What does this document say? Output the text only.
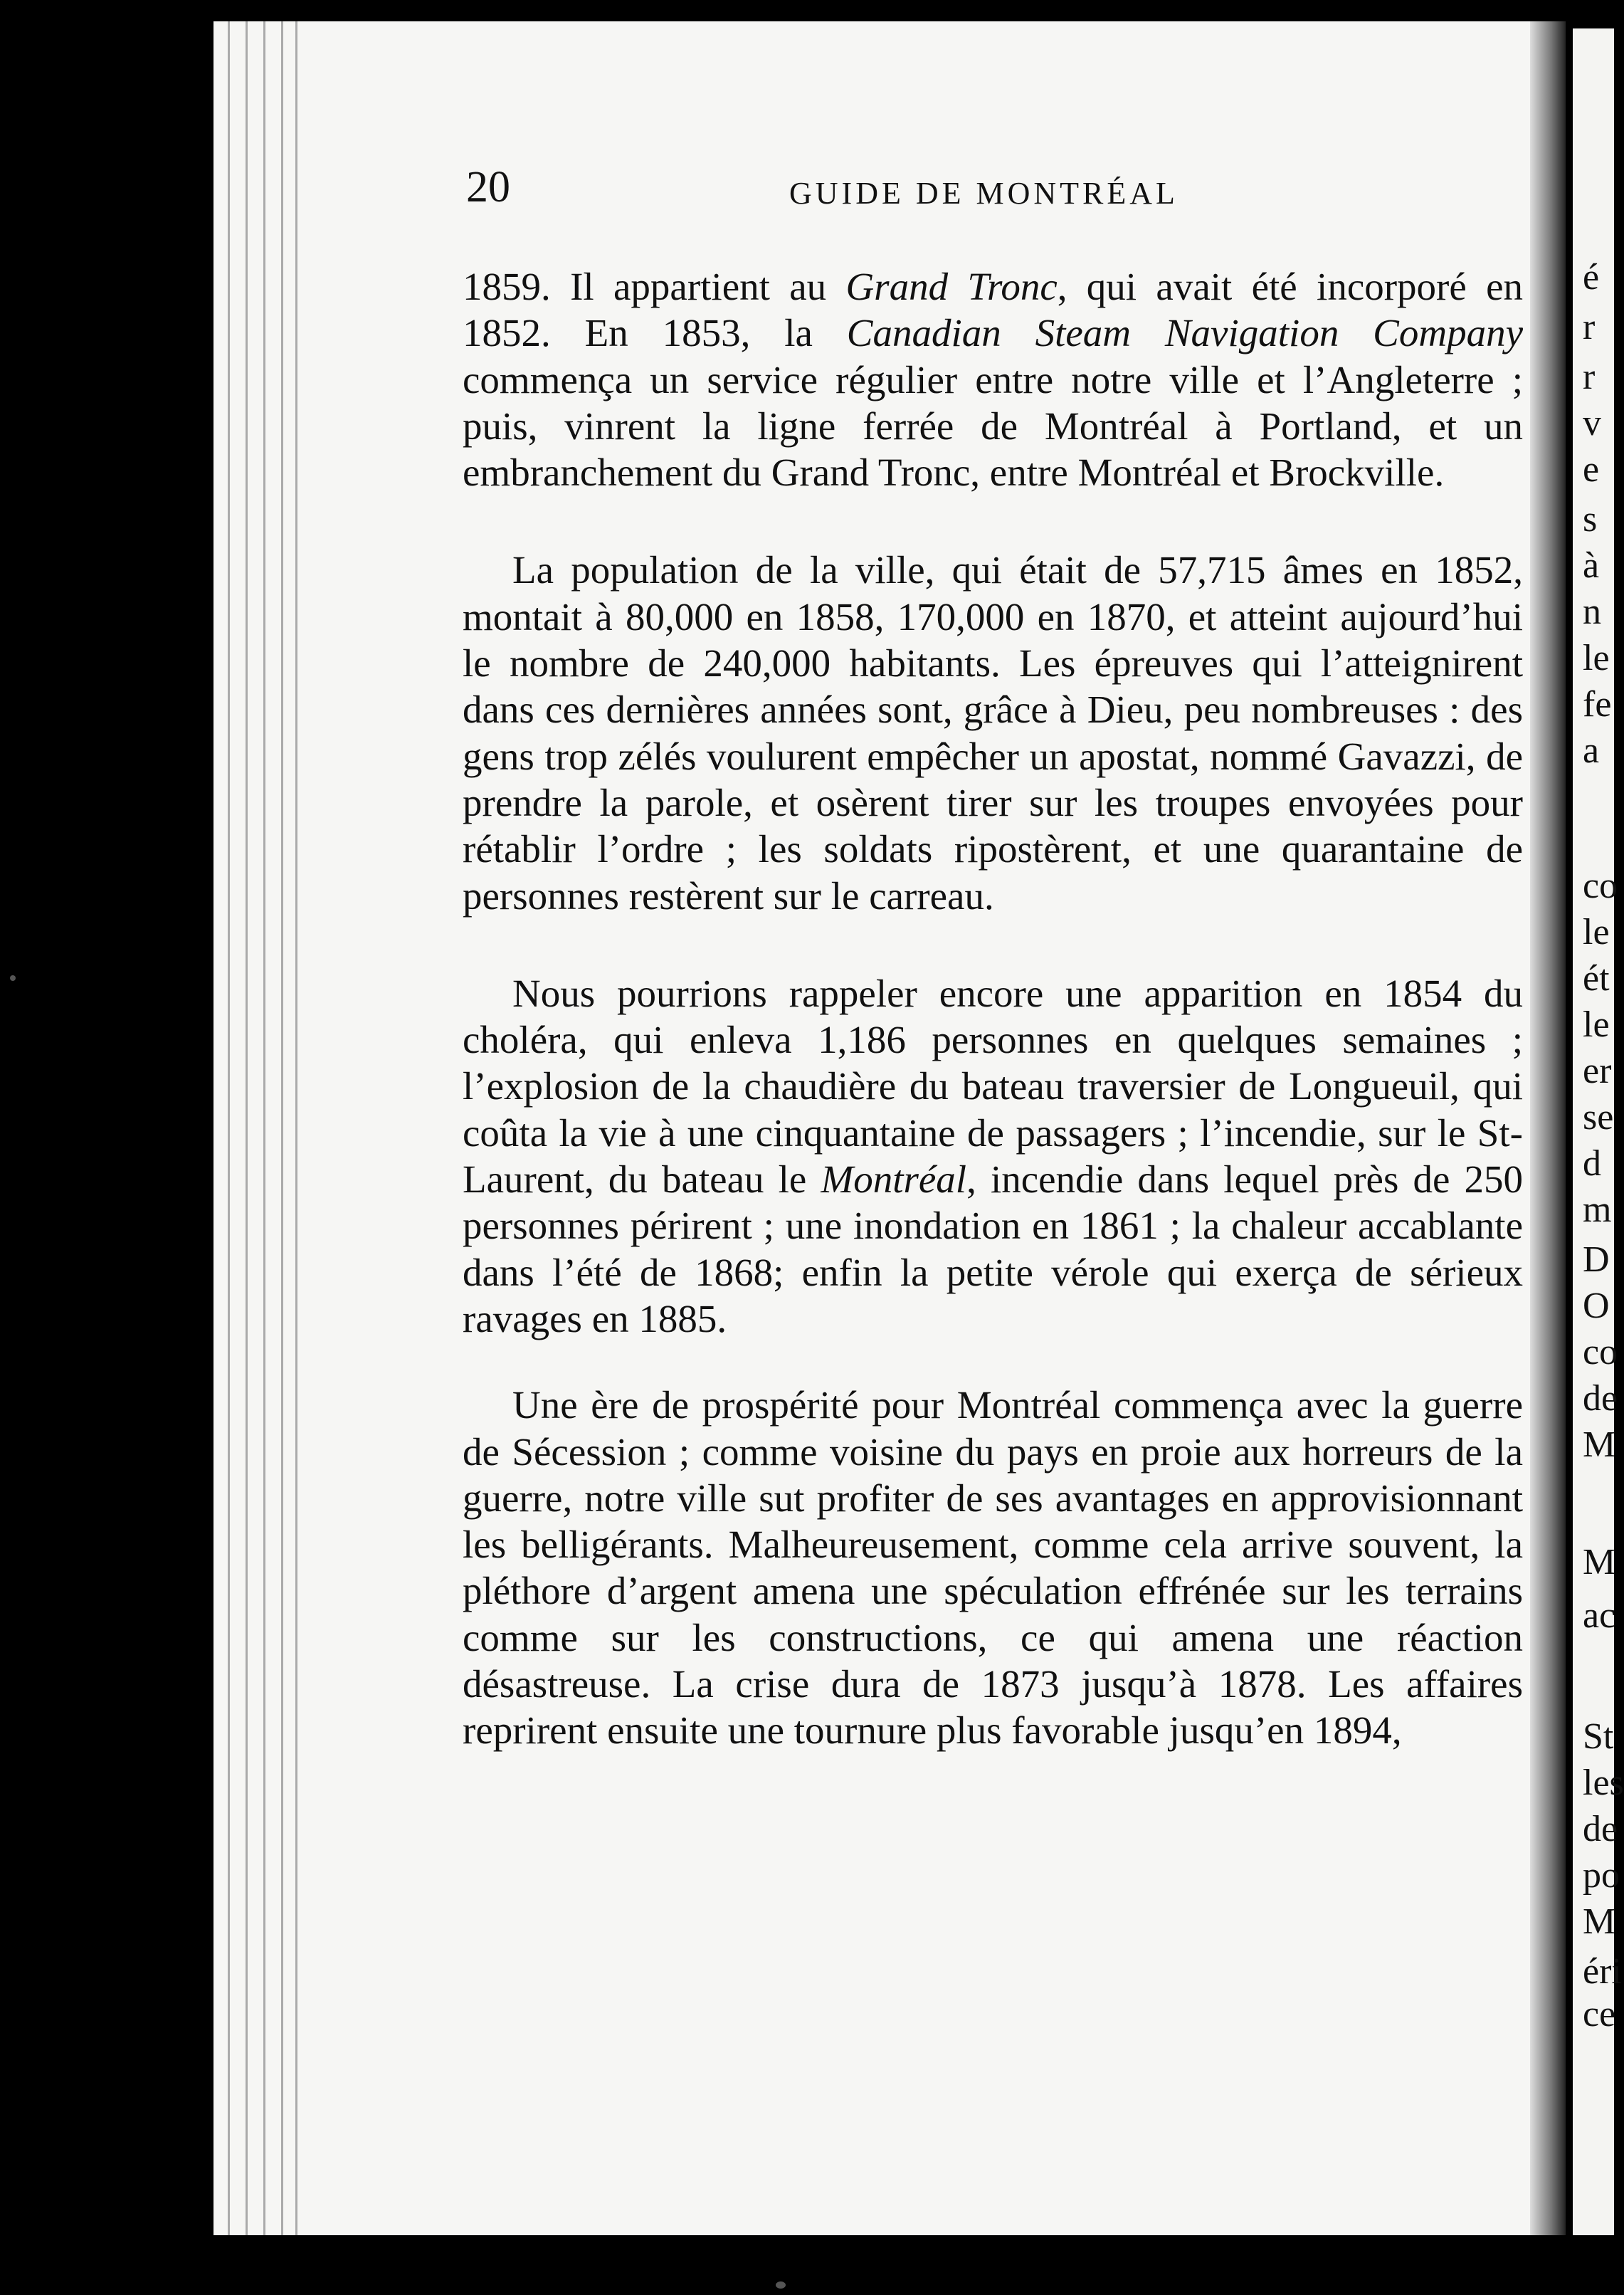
é
r
r
v
e
s
à
n
le
fe
a
co
le
ét
le
er
se
d
m
D
O
co
de
M
M
ac
St
les
de
po
M
éri
ce
20	GUIDE DE MONTRÉAL

1859. Il appartient au Grand Tronc, qui avait été incorporé en 1852. En 1853, la Canadian Steam Navigation Company commença un service régulier entre notre ville et l’Angleterre ; puis, vinrent la ligne ferrée de Montréal à Portland, et un embranchement du Grand Tronc, entre Montréal et Brockville.

La population de la ville, qui était de 57,715 âmes en 1852, montait à 80,000 en 1858, 170,000 en 1870, et atteint aujourd’hui le nombre de 240,000 habitants. Les épreuves qui l’atteignirent dans ces dernières années sont, grâce à Dieu, peu nombreuses : des gens trop zélés voulurent empêcher un apostat, nommé Gavazzi, de prendre la parole, et osèrent tirer sur les troupes envoyées pour rétablir l’ordre ; les soldats ripostèrent, et une quarantaine de personnes restèrent sur le carreau.

Nous pourrions rappeler encore une apparition en 1854 du choléra, qui enleva 1,186 personnes en quelques semaines ; l’explosion de la chaudière du bateau traversier de Longueuil, qui coûta la vie à une cinquantaine de passagers ; l’incendie, sur le St-Laurent, du bateau le Montréal, incendie dans lequel près de 250 personnes périrent ; une inondation en 1861 ; la chaleur accablante dans l’été de 1868; enfin la petite vérole qui exerça de sérieux ravages en 1885.

Une ère de prospérité pour Montréal commença avec la guerre de Sécession ; comme voisine du pays en proie aux horreurs de la guerre, notre ville sut profiter de ses avantages en approvisionnant les belligérants. Malheureusement, comme cela arrive souvent, la pléthore d’argent amena une spéculation effrénée sur les terrains comme sur les constructions, ce qui amena une réaction désastreuse. La crise dura de 1873 jusqu’à 1878. Les affaires reprirent ensuite une tournure plus favorable jusqu’en 1894,
